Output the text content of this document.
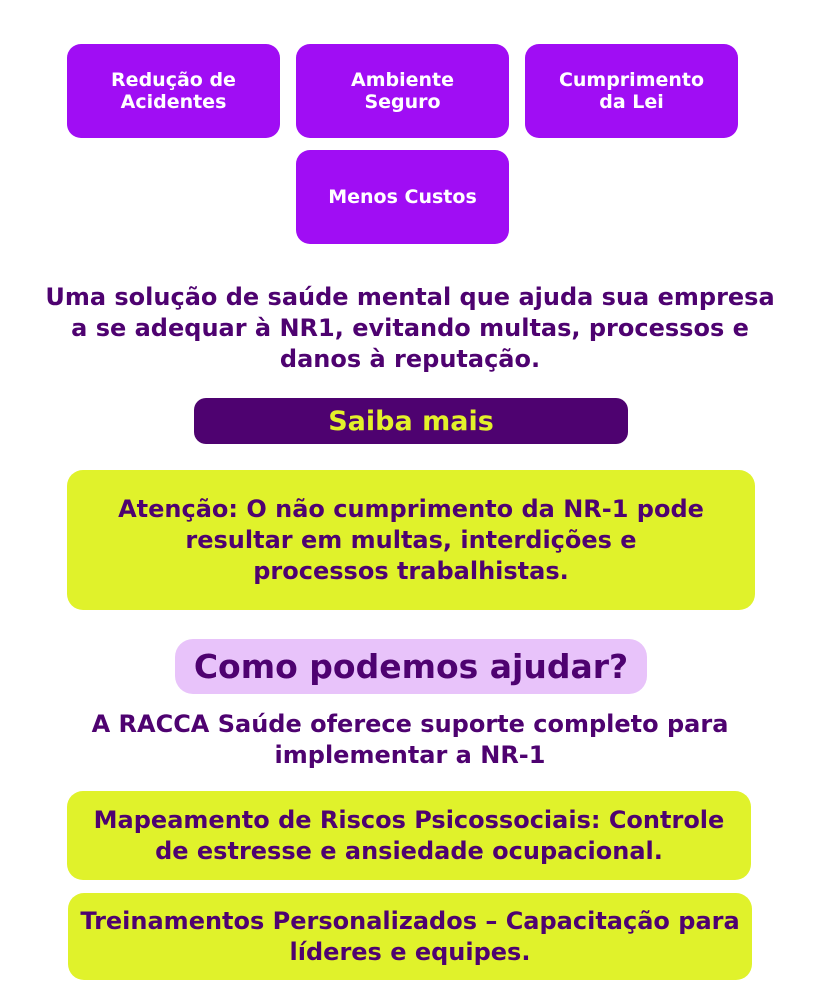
Redução de Acidentes
Ambiente Seguro
Cumprimento da Lei
Menos Custos
Uma solução de saúde mental que ajuda sua empresa a se adequar à NR1, evitando multas, processos e danos à reputação.
Saiba mais
Atenção: O não cumprimento da NR-1 pode resultar em multas, interdições e processos trabalhistas.
Como podemos ajudar?
A RACCA Saúde oferece suporte completo para implementar a NR-1
Mapeamento de Riscos Psicossociais: Controle de estresse e ansiedade ocupacional.
Treinamentos Personalizados – Capacitação para líderes e equipes.
